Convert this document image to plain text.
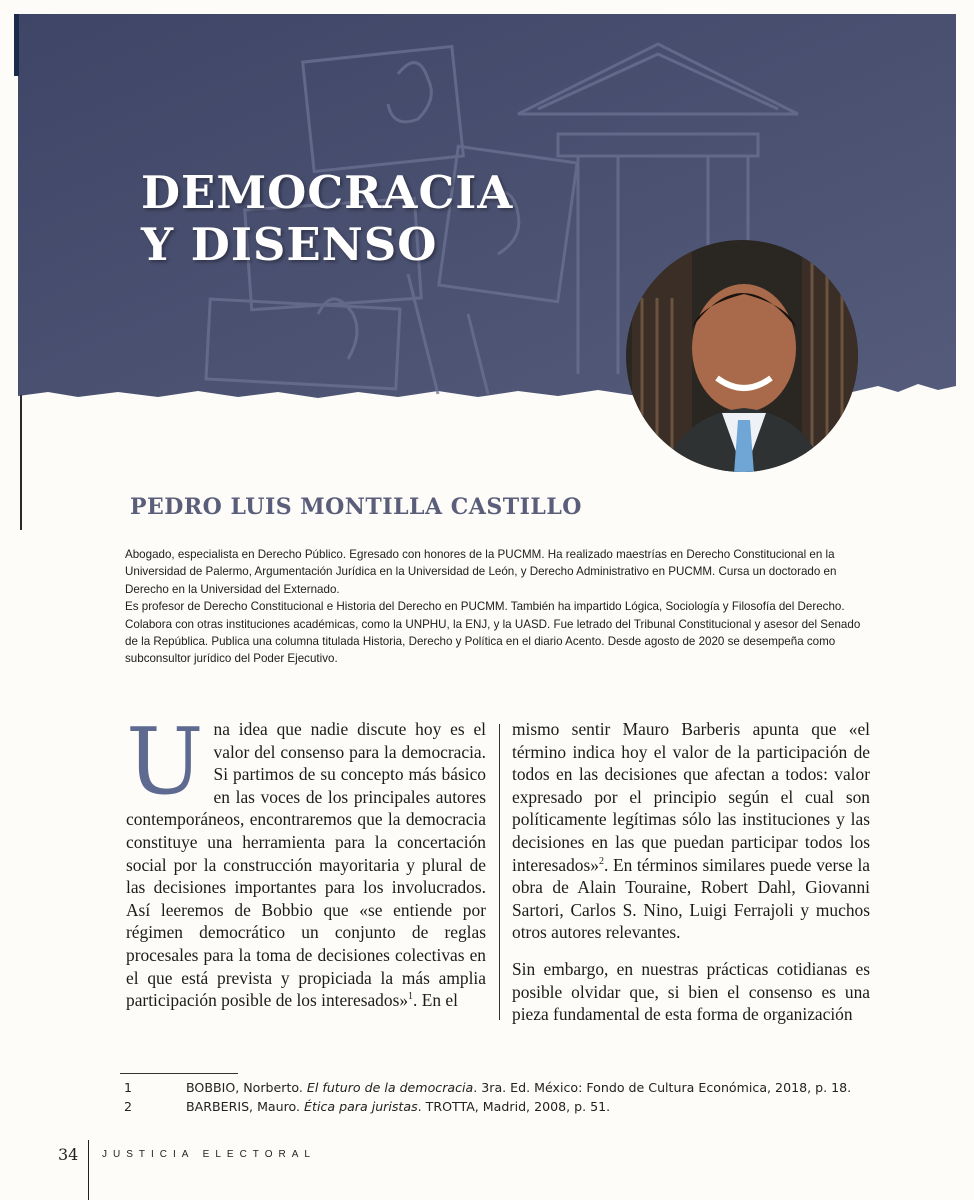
DEMOCRACIA
Y DISENSO
PEDRO LUIS MONTILLA CASTILLO

Abogado, especialista en Derecho Público. Egresado con honores de la PUCMM. Ha realizado maestrías en Derecho Constitucional en la Universidad de Palermo, Argumentación Jurídica en la Universidad de León, y Derecho Administrativo en PUCMM. Cursa un doctorado en Derecho en la Universidad del Externado.

Es profesor de Derecho Constitucional e Historia del Derecho en PUCMM. También ha impartido Lógica, Sociología y Filosofía del Derecho. Colabora con otras instituciones académicas, como la UNPHU, la ENJ, y la UASD. Fue letrado del Tribunal Constitucional y asesor del Senado de la República. Publica una columna titulada Historia, Derecho y Política en el diario Acento. Desde agosto de 2020 se desempeña como subconsultor jurídico del Poder Ejecutivo.

Una idea que nadie discute hoy es el valor del consenso para la democracia. Si partimos de su concepto más básico en las voces de los principales autores contemporáneos, encontraremos que la democracia constituye una herramienta para la concertación social por la construcción mayoritaria y plural de las decisiones importantes para los involucrados. Así leeremos de Bobbio que «se entiende por régimen democrático un conjunto de reglas procesales para la toma de decisiones colectivas en el que está prevista y propiciada la más amplia participación posible de los interesados»$^1$. En el

mismo sentir Mauro Barberis apunta que «el término indica hoy el valor de la participación de todos en las decisiones que afectan a todos: valor expresado por el principio según el cual son políticamente legítimas sólo las instituciones y las decisiones en las que puedan participar todos los interesados»$^2$. En términos similares puede verse la obra de Alain Touraine, Robert Dahl, Giovanni Sartori, Carlos S. Nino, Luigi Ferrajoli y muchos otros autores relevantes.

Sin embargo, en nuestras prácticas cotidianas es posible olvidar que, si bien el consenso es una pieza fundamental de esta forma de organización

1	BOBBIO, Norberto. El futuro de la democracia. 3ra. Ed. México: Fondo de Cultura Económica, 2018, p. 18.
2	BARBERIS, Mauro. Ética para juristas. TROTTA, Madrid, 2008, p. 51.
34 JUSTICIA ELECTORAL
